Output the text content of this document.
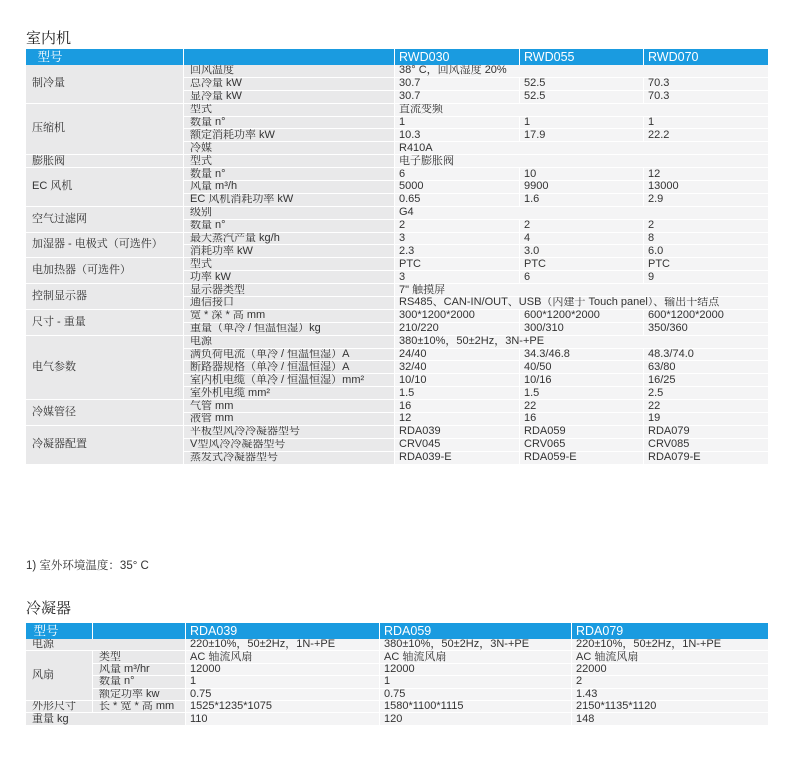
室内机
型号		RWD030	RWD055	RWD070
制冷量	回风温度	38° C，回风湿度 20%		
	总冷量 kW	30.7	52.5	70.3
	显冷量 kW	30.7	52.5	70.3
压缩机	型式	直流变频		
	数量 n°	1	1	1
	额定消耗功率 kW	10.3	17.9	22.2
	冷媒	R410A		
膨胀阀	型式	电子膨胀阀		
EC 风机	数量 n°	6	10	12
	风量 m³/h	5000	9900	13000
	EC 风机消耗功率 kW	0.65	1.6	2.9
空气过滤网	级别	G4		
	数量 n°	2	2	2
加湿器 - 电极式（可选件）	最大蒸汽产量 kg/h	3	4	8
	消耗功率 kW	2.3	3.0	6.0
电加热器（可选件）	型式	PTC	PTC	PTC
	功率 kW	3	6	9
控制显示器	显示器类型	7" 触摸屏		
	通信接口	RS485、CAN-IN/OUT、USB（内建于 Touch panel）、输出干结点		
尺寸 - 重量	宽 * 深 * 高 mm	300*1200*2000	600*1200*2000	600*1200*2000
	重量（单冷 / 恒温恒湿）kg	210/220	300/310	350/360
电气参数	电源	380±10%，50±2Hz，3N-+PE		
	满负荷电流（单冷 / 恒温恒湿）A	24/40	34.3/46.8	48.3/74.0
	断路器规格（单冷 / 恒温恒湿）A	32/40	40/50	63/80
	室内机电缆（单冷 / 恒温恒湿）mm²	10/10	10/16	16/25
	室外机电缆 mm²	1.5	1.5	2.5
冷媒管径	气管 mm	16	22	22
	液管 mm	12	16	19
冷凝器配置	平板型风冷冷凝器型号	RDA039	RDA059	RDA079
	V型风冷冷凝器型号	CRV045	CRV065	CRV085
	蒸发式冷凝器型号	RDA039-E	RDA059-E	RDA079-E
1) 室外环境温度：35° C
冷凝器
型号		RDA039	RDA059	RDA079
电源		220±10%，50±2Hz，1N-+PE	380±10%，50±2Hz，3N-+PE	220±10%，50±2Hz，1N-+PE
风扇	类型	AC 轴流风扇	AC 轴流风扇	AC 轴流风扇
	风量 m³/hr	12000	12000	22000
	数量 n°	1	1	2
	额定功率 kw	0.75	0.75	1.43
外形尺寸	长 * 宽 * 高 mm	1525*1235*1075	1580*1100*1115	2150*1135*1120
重量 kg		110	120	148
